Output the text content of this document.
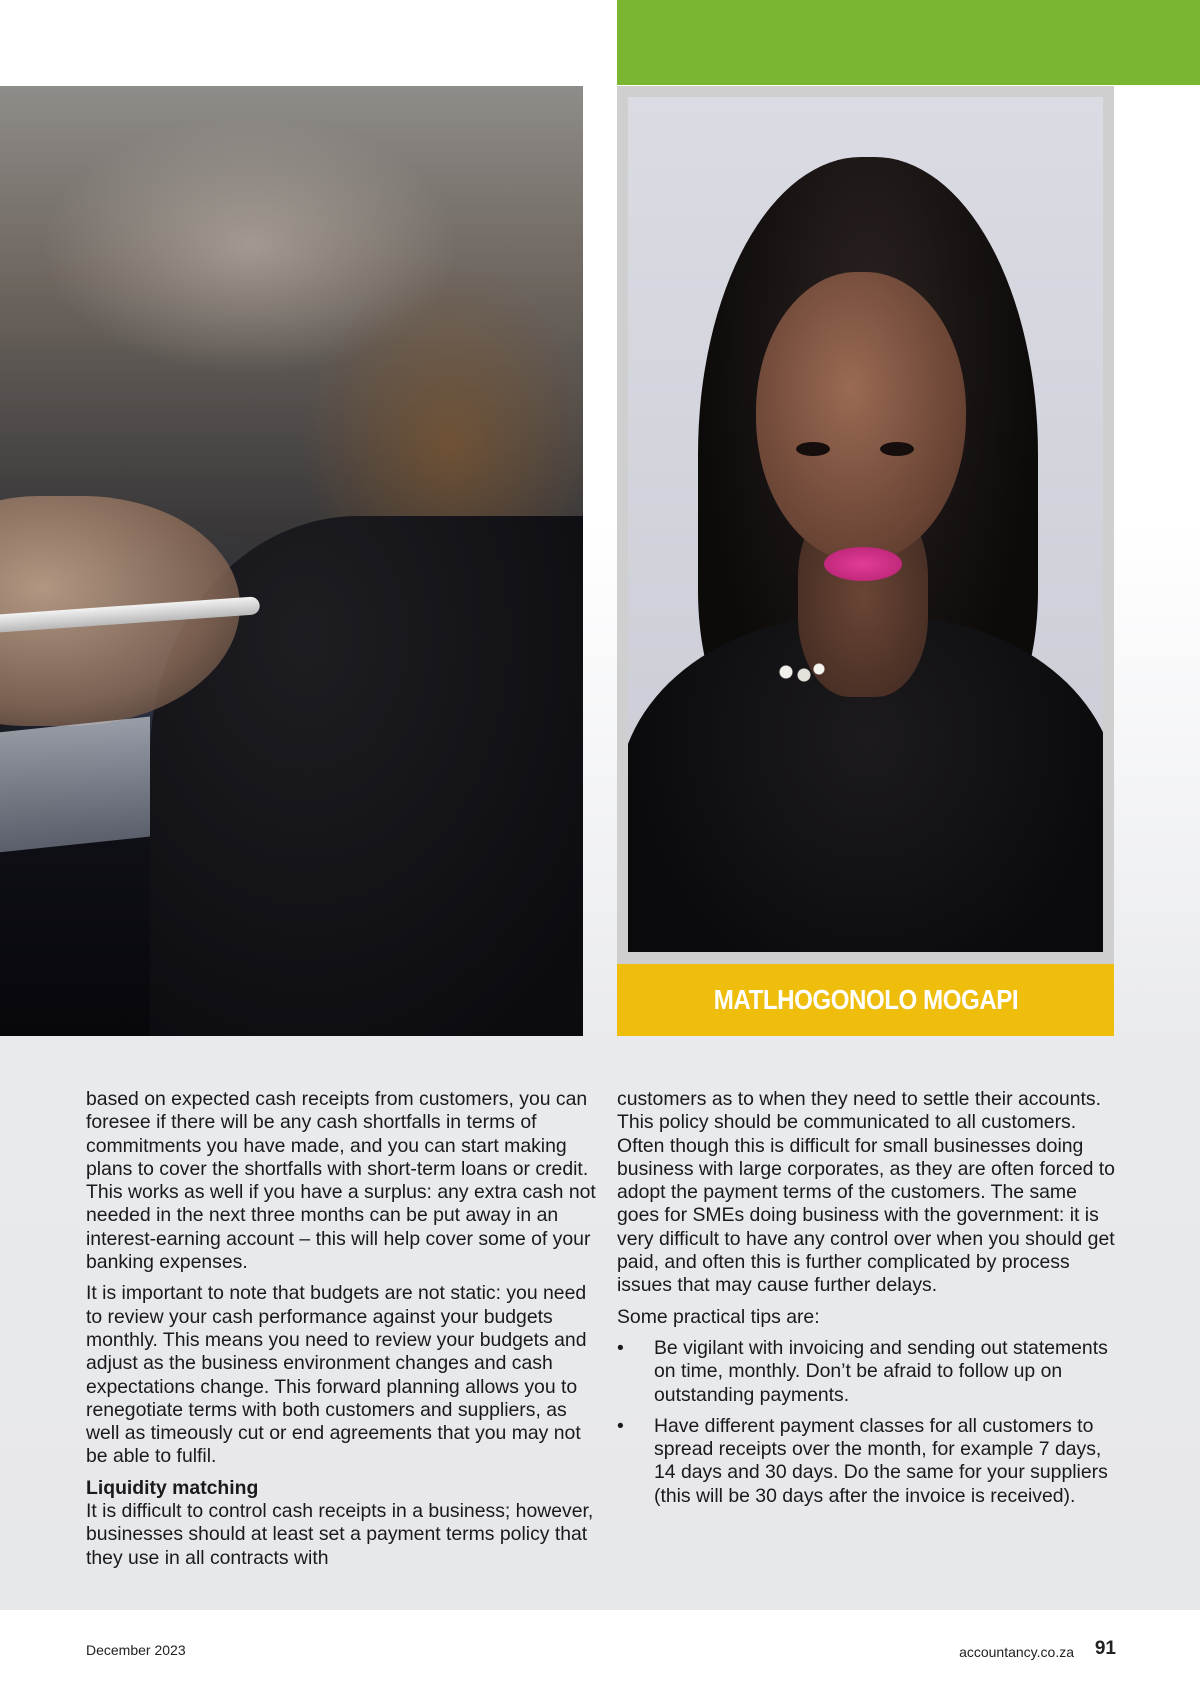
MATLHOGONOLO MOGAPI

based on expected cash receipts from customers, you can foresee if there will be any cash shortfalls in terms of commitments you have made, and you can start making plans to cover the shortfalls with short-term loans or credit. This works as well if you have a surplus: any extra cash not needed in the next three months can be put away in an interest-earning account – this will help cover some of your banking expenses.

It is important to note that budgets are not static: you need to review your cash performance against your budgets monthly. This means you need to review your budgets and adjust as the business environment changes and cash expectations change. This forward planning allows you to renegotiate terms with both customers and suppliers, as well as timeously cut or end agreements that you may not be able to fulfil.

Liquidity matching

It is difficult to control cash receipts in a business; however, businesses should at least set a payment terms policy that they use in all contracts with

customers as to when they need to settle their accounts. This policy should be communicated to all customers. Often though this is difficult for small businesses doing business with large corporates, as they are often forced to adopt the payment terms of the customers. The same goes for SMEs doing business with the government: it is very difficult to have any control over when you should get paid, and often this is further complicated by process issues that may cause further delays.

Some practical tips are:

• Be vigilant with invoicing and sending out statements on time, monthly. Don’t be afraid to follow up on outstanding payments.
• Have different payment classes for all customers to spread receipts over the month, for example 7 days, 14 days and 30 days. Do the same for your suppliers (this will be 30 days after the invoice is received).
December 2023	accountancy.co.za 91
